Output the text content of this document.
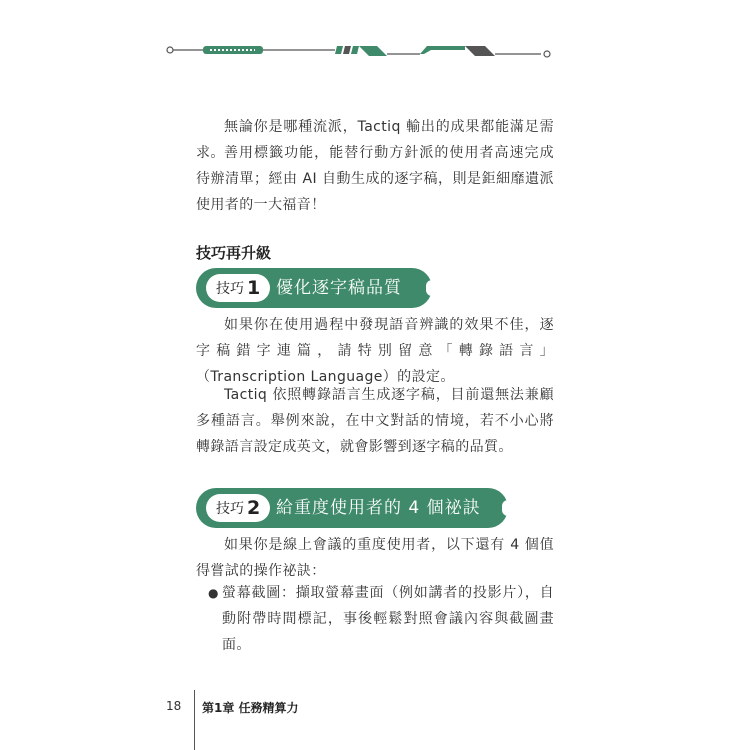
無論你是哪種流派，Tactiq 輸出的成果都能滿足需求。 善用標籤功能，能替行動方針派的使用者高速完成待辦清單；經由 AI 自動生成的逐字稿，則是鉅細靡遺派使用者的一大福音！

技巧再升級
技巧 1 優化逐字稿品質

如果你在使用過程中發現語音辨識的效果不佳，逐字稿錯字連篇，請特別留意「轉錄語言」（Transcription Language）的設定。

Tactiq 依照轉錄語言生成逐字稿，目前還無法兼顧多種語言。舉例來說，在中文對話的情境，若不小心將轉錄語言設定成英文，就會影響到逐字稿的品質。

技巧 2 給重度使用者的 4 個祕訣

如果你是線上會議的重度使用者，以下還有 4 個值得嘗試的操作祕訣：

● 螢幕截圖：擷取螢幕畫面（例如講者的投影片），自動附帶時間標記，事後輕鬆對照會議內容與截圖畫面。
18 第1章 任務精算力
